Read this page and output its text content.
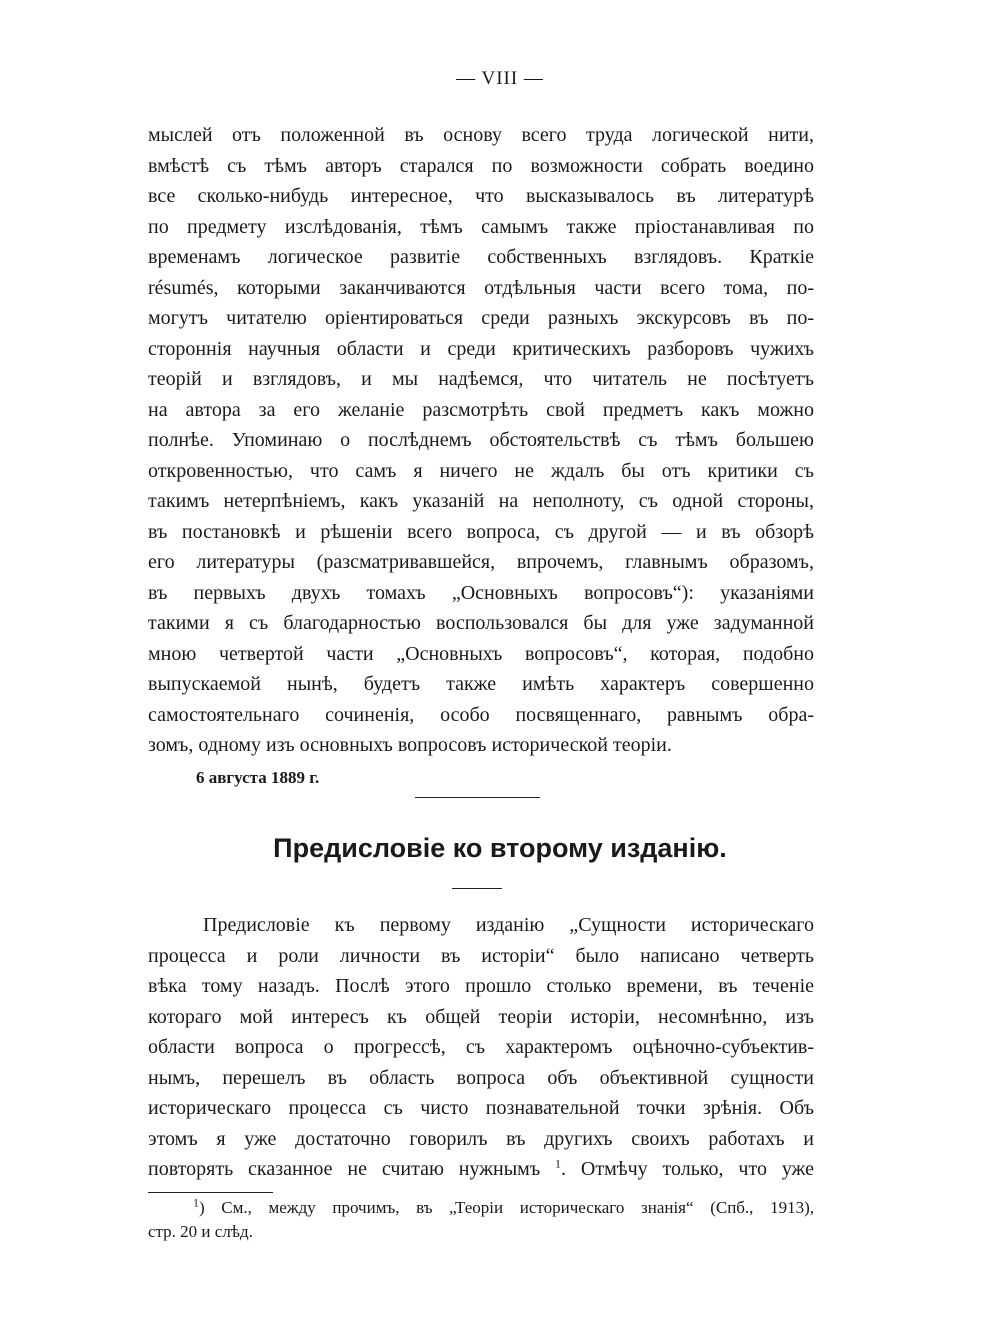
— VIII —
мыслей отъ положенной въ основу всего труда логической нити,
вмѣстѣ съ тѣмъ авторъ старался по возможности собрать воедино
все сколько-нибудь интересное, что высказывалось въ литературѣ
по предмету изслѣдованія, тѣмъ самымъ также пріостанавливая по
временамъ логическое развитіе собственныхъ взглядовъ. Краткіе
résumés, которыми заканчиваются отдѣльныя части всего тома, по-
могутъ читателю оріентироваться среди разныхъ экскурсовъ въ по-
стороннія научныя области и среди критическихъ разборовъ чужихъ
теорій и взглядовъ, и мы надѣемся, что читатель не посѣтуетъ
на автора за его желаніе разсмотрѣть свой предметъ какъ можно
полнѣе. Упоминаю о послѣднемъ обстоятельствѣ съ тѣмъ большею
откровенностью, что самъ я ничего не ждалъ бы отъ критики съ
такимъ нетерпѣніемъ, какъ указаній на неполноту, съ одной стороны,
въ постановкѣ и рѣшеніи всего вопроса, съ другой — и въ обзорѣ
его литературы (разсматривавшейся, впрочемъ, главнымъ образомъ,
въ первыхъ двухъ томахъ „Основныхъ вопросовъ“): указаніями
такими я съ благодарностью воспользовался бы для уже задуманной
мною четвертой части „Основныхъ вопросовъ“, которая, подобно
выпускаемой нынѣ, будетъ также имѣть характеръ совершенно
самостоятельнаго сочиненія, особо посвященнаго, равнымъ обра-
зомъ, одному изъ основныхъ вопросовъ исторической теоріи.
6 августа 1889 г.
Предисловіе ко второму изданію.
Предисловіе къ первому изданію „Сущности историческаго
процесса и роли личности въ исторіи“ было написано четверть
вѣка тому назадъ. Послѣ этого прошло столько времени, въ теченіе
котораго мой интересъ къ общей теоріи исторіи, несомнѣнно, изъ
области вопроса о прогрессѣ, съ характеромъ оцѣночно-субъектив-
нымъ, перешелъ въ область вопроса объ объективной сущности
историческаго процесса съ чисто познавательной точки зрѣнія. Объ
этомъ я уже достаточно говорилъ въ другихъ своихъ работахъ и
повторять сказанное не считаю нужнымъ $^1$. Отмѣчу только, что уже
$^1$) См., между прочимъ, въ „Теоріи историческаго знанія“ (Спб., 1913),
стр. 20 и слѣд.
